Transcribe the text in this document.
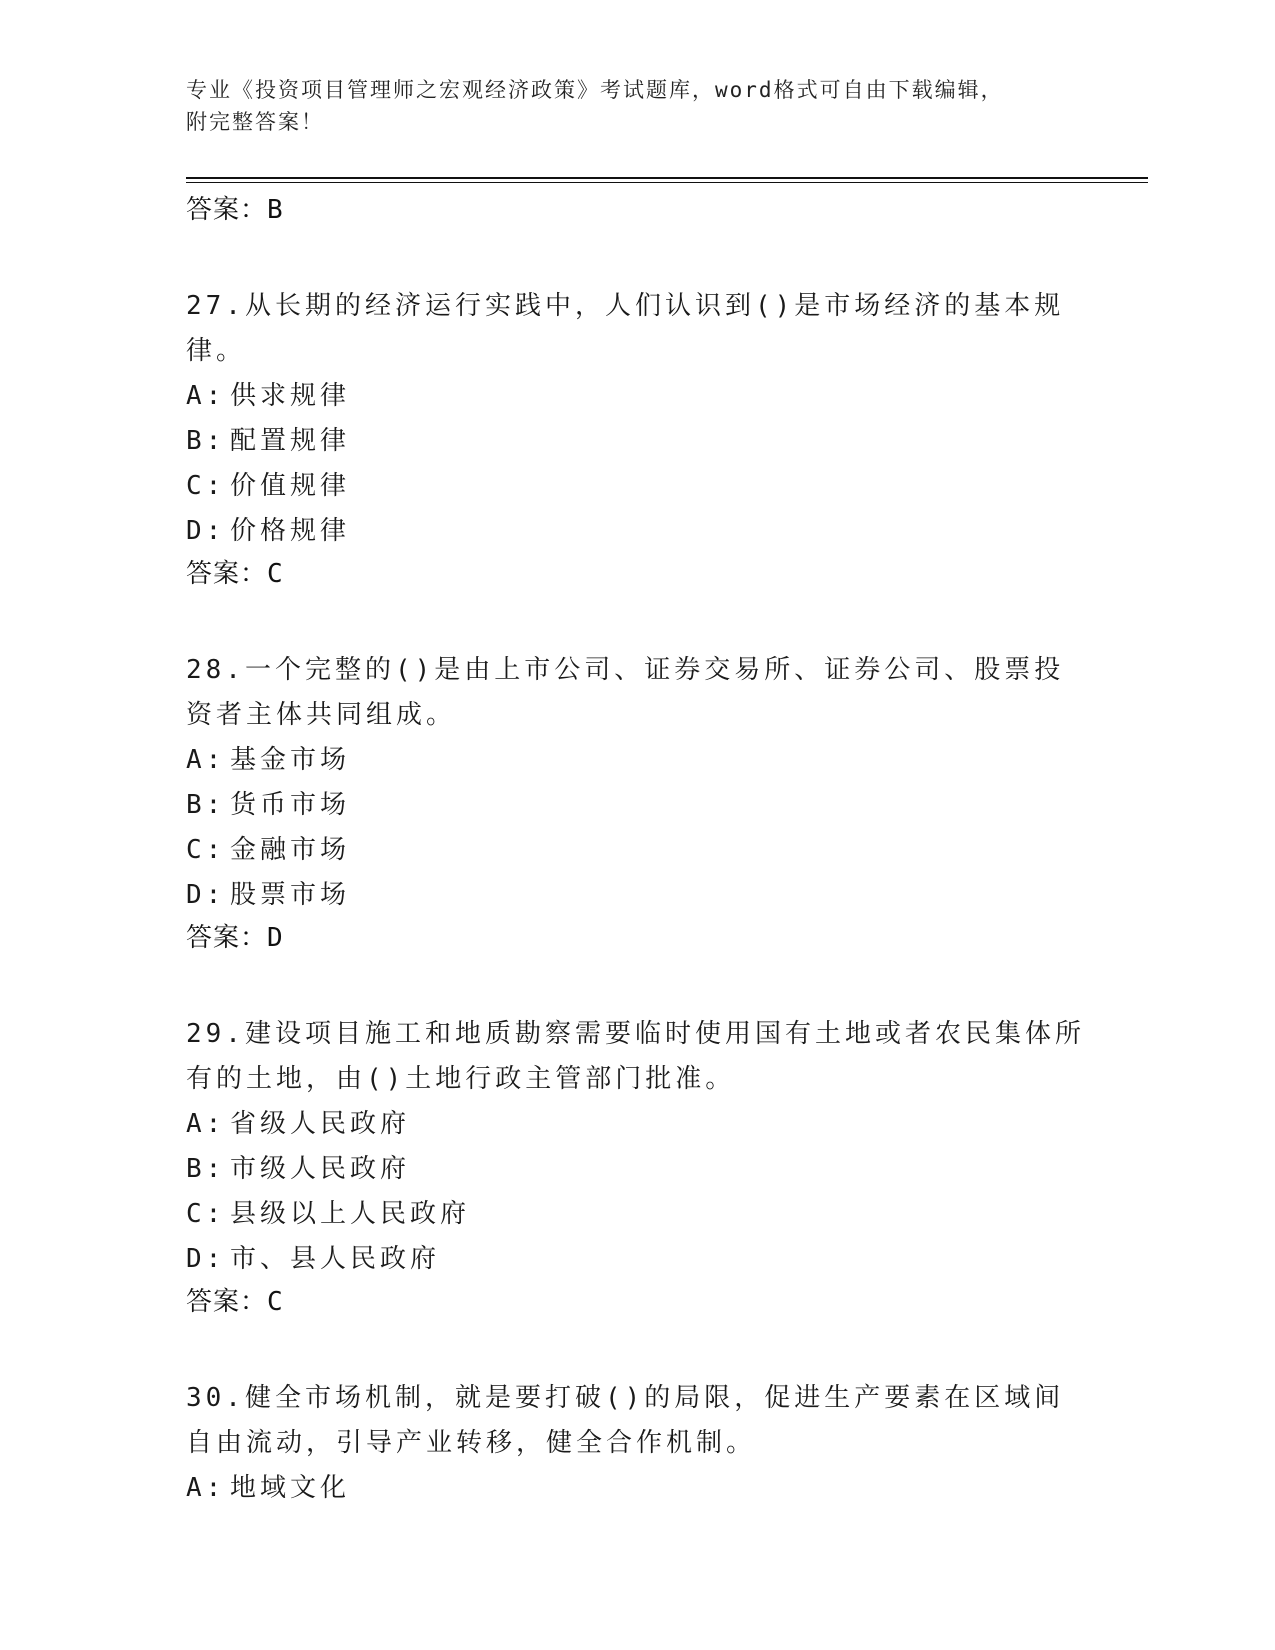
专业《投资项目管理师之宏观经济政策》考试题库，word格式可自由下载编辑，
附完整答案！
答案：B
27.从长期的经济运行实践中，人们认识到()是市场经济的基本规律。
A: 供求规律
B: 配置规律
C: 价值规律
D: 价格规律
答案：C
28.一个完整的()是由上市公司、证券交易所、证券公司、股票投资者主体共同组成。
A: 基金市场
B: 货币市场
C: 金融市场
D: 股票市场
答案：D
29.建设项目施工和地质勘察需要临时使用国有土地或者农民集体所有的土地，由()土地行政主管部门批准。
A: 省级人民政府
B: 市级人民政府
C: 县级以上人民政府
D: 市、县人民政府
答案：C
30.健全市场机制，就是要打破()的局限，促进生产要素在区域间自由流动，引导产业转移，健全合作机制。
A: 地域文化
